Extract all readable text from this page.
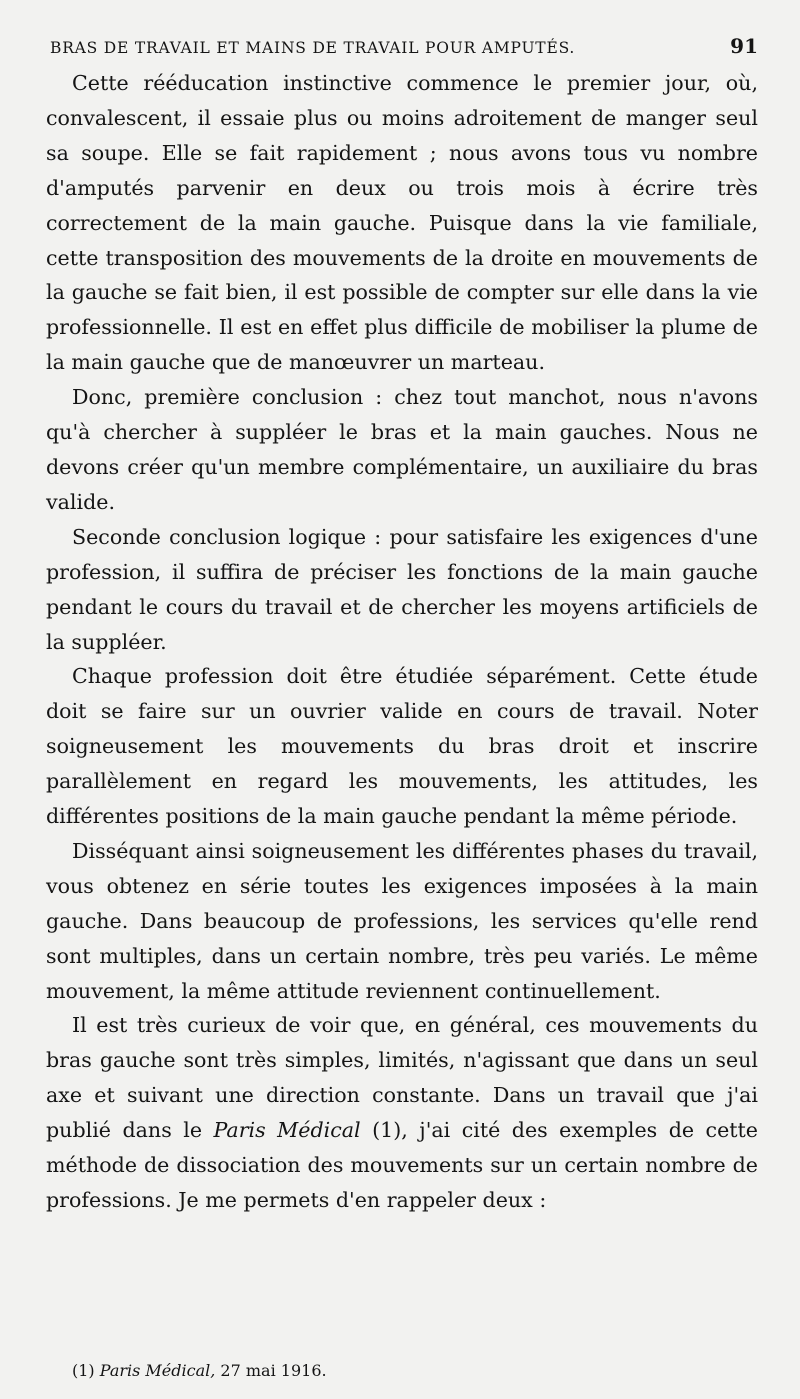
BRAS DE TRAVAIL ET MAINS DE TRAVAIL POUR AMPUTÉS.	91

Cette rééducation instinctive commence le premier jour, où, convalescent, il essaie plus ou moins adroitement de manger seul sa soupe. Elle se fait rapidement ; nous avons tous vu nombre d'amputés parvenir en deux ou trois mois à écrire très correctement de la main gauche. Puisque dans la vie familiale, cette transposition des mouvements de la droite en mouvements de la gauche se fait bien, il est possible de compter sur elle dans la vie professionnelle. Il est en effet plus difficile de mobiliser la plume de la main gauche que de manœuvrer un marteau.

Donc, première conclusion : chez tout manchot, nous n'avons qu'à chercher à suppléer le bras et la main gauches. Nous ne devons créer qu'un membre complémentaire, un auxiliaire du bras valide.

Seconde conclusion logique : pour satisfaire les exigences d'une profession, il suffira de préciser les fonctions de la main gauche pendant le cours du travail et de chercher les moyens artificiels de la suppléer.

Chaque profession doit être étudiée séparément. Cette étude doit se faire sur un ouvrier valide en cours de travail. Noter soigneusement les mouvements du bras droit et inscrire parallèlement en regard les mouvements, les attitudes, les différentes positions de la main gauche pendant la même période.

Disséquant ainsi soigneusement les différentes phases du travail, vous obtenez en série toutes les exigences imposées à la main gauche. Dans beaucoup de professions, les services qu'elle rend sont multiples, dans un certain nombre, très peu variés. Le même mouvement, la même attitude reviennent continuellement.

Il est très curieux de voir que, en général, ces mouvements du bras gauche sont très simples, limités, n'agissant que dans un seul axe et suivant une direction constante. Dans un travail que j'ai publié dans le Paris Médical (1), j'ai cité des exemples de cette méthode de dissociation des mouvements sur un certain nombre de professions. Je me permets d'en rappeler deux :

(1) Paris Médical, 27 mai 1916.
